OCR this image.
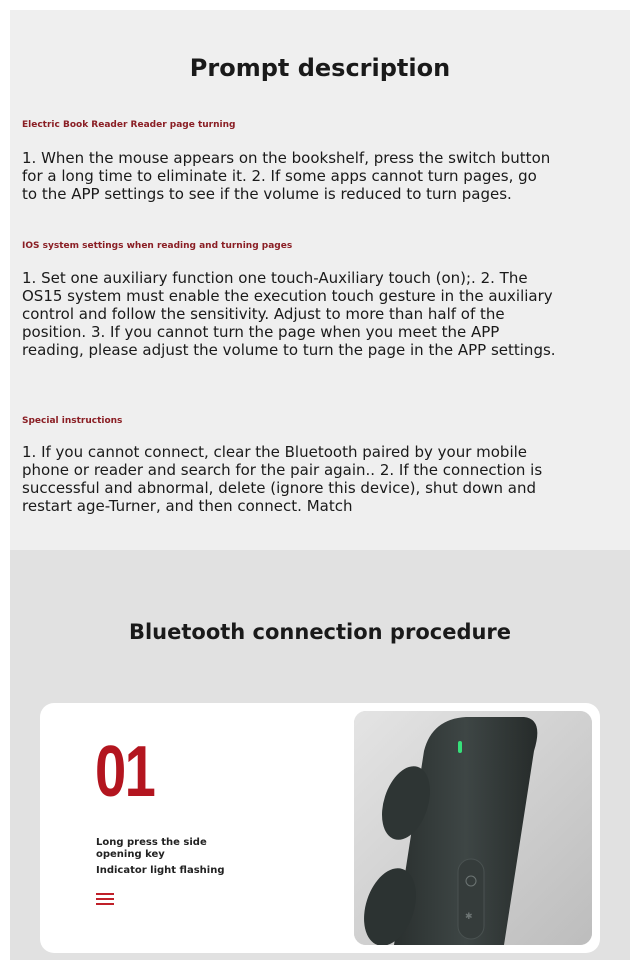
Prompt description
Electric Book Reader Reader page turning
1. When the mouse appears on the bookshelf, press the switch button
for a long time to eliminate it. 2. If some apps cannot turn pages, go
to the APP settings to see if the volume is reduced to turn pages.
IOS system settings when reading and turning pages
1. Set one auxiliary function one touch-Auxiliary touch (on);. 2. The
OS15 system must enable the execution touch gesture in the auxiliary
control and follow the sensitivity. Adjust to more than half of the
position. 3. If you cannot turn the page when you meet the APP
reading, please adjust the volume to turn the page in the APP settings.
Special instructions
1. If you cannot connect, clear the Bluetooth paired by your mobile
phone or reader and search for the pair again.. 2. If the connection is
successful and abnormal, delete (ignore this device), shut down and
restart age-Turner, and then connect. Match
Bluetooth connection procedure
01
Long press the side
opening key
Indicator light flashing
✱
